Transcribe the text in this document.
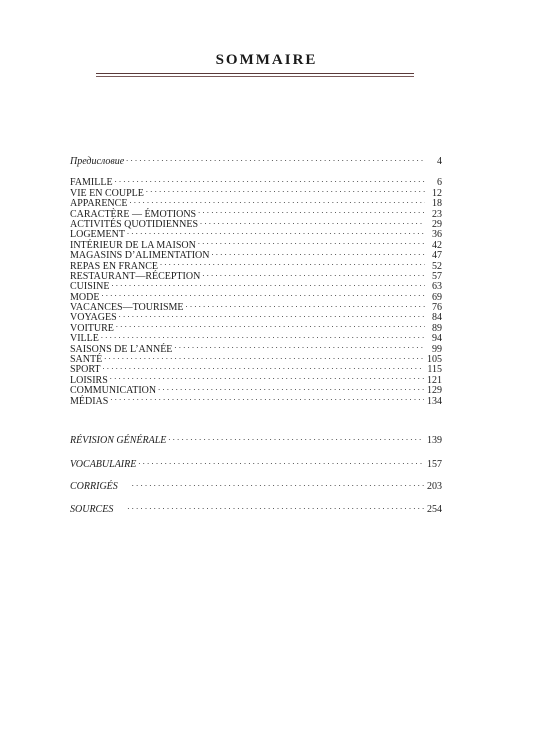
SOMMAIRE
Предисловие . . .	4
FAMILLE . . .	6
VIE EN COUPLE . . .	12
APPARENCE . . .	18
CARACTÈRE — ÉMOTIONS . . .	23
ACTIVITÉS QUOTIDIENNES . . .	29
LOGEMENT . . .	36
INTÉRIEUR DE LA MAISON . . .	42
MAGASINS D’ALIMENTATION . . .	47
REPAS EN FRANCE . . .	52
RESTAURANT—RÉCEPTION . . .	57
CUISINE . . .	63
MODE . . .	69
VACANCES—TOURISME . . .	76
VOYAGES . . .	84
VOITURE . . .	89
VILLE . . .	94
SAISONS DE L’ANNÉE . . .	99
SANTÉ . . .	105
SPORT . . .	115
LOISIRS . . .	121
COMMUNICATION . . .	129
MÉDIAS . . .	134
RÉVISION GÉNÉRALE . . .	139
VOCABULAIRE . . .	157
CORRIGÉS . . .	203
SOURCES . . .	254
